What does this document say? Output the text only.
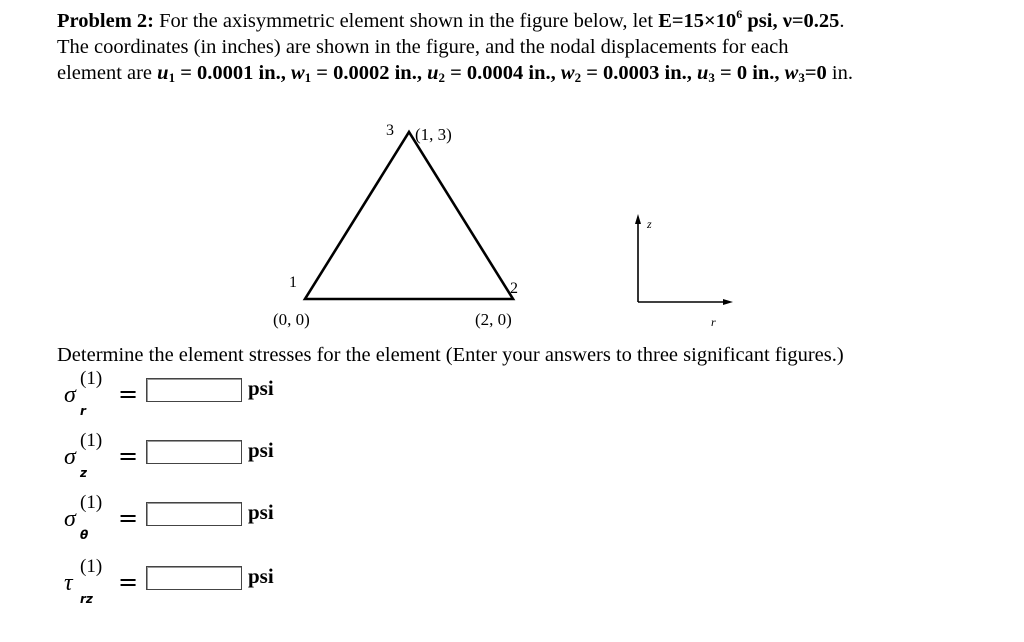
Problem 2: For the axisymmetric element shown in the figure below, let $E=15\times 10^6$ psi, ν=0.25.
The coordinates (in inches) are shown in the figure, and the nodal displacements for each
element are $u_1 = 0.0001$ in., $w_1 = 0.0002$ in., $u_2 = 0.0004$ in., $w_2 = 0.0003$ in., $u_3 = 0$ in., $w_3=0$ in.
1
(0, 0)
2
(2, 0)
3 (1, 3)
z
r
Determine the element stresses for the element (Enter your answers to three significant figures.)
σ
(1)
r
=	psi
σ
(1)
z
=	psi
σ
(1)
θ
=	psi
τ
(1)
rz
=	psi
